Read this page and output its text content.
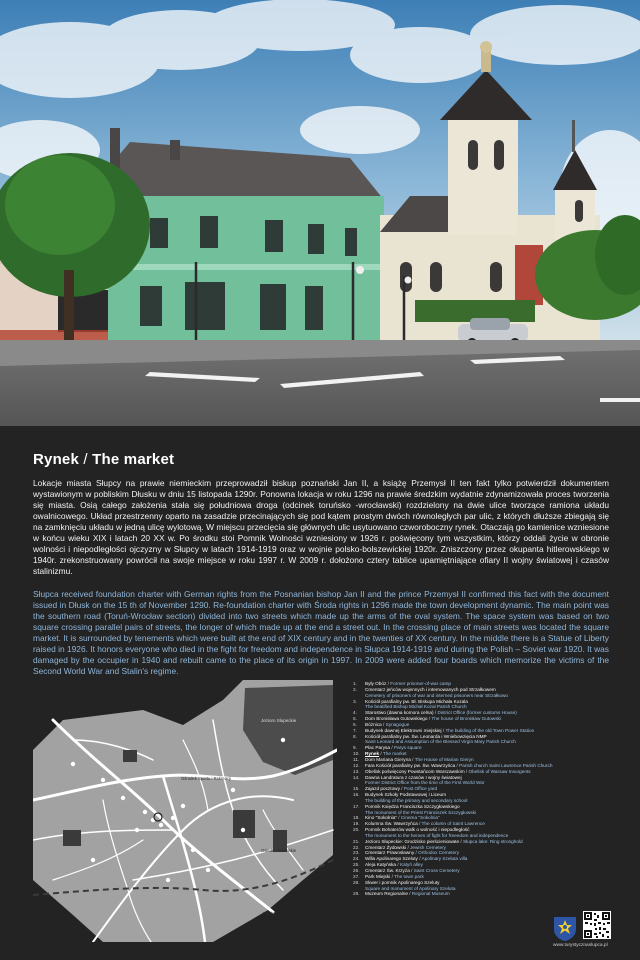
Rynek / The market

Lokacje miasta Słupcy na prawie niemieckim przeprowadził biskup poznański Jan II, a książę Przemysł II ten fakt tylko potwierdził dokumentem wystawionym w pobliskim Dłusku w dniu 15 listopada 1290r. Ponowna lokacja w roku 1296 na prawie średzkim wydatnie zdynamizowała proces tworzenia się miasta. Osią całego założenia stała się południowa droga (odcinek toruńsko -wrocławski) rozdzielony na dwie ulice tworzące ramiona układu owalnicowego. Układ przestrzenny oparto na zasadzie przecinających się pod kątem prostym dwóch równoległych par ulic, z których dłuższe zbiegają się na zamknięciu układu w jedną ulicę wylotową. W miejscu przecięcia się głównych ulic usytuowano czworoboczny rynek. Otaczają go kamienice wzniesione w końcu wieku XIX i latach 20 XX w. Po środku stoi Pomnik Wolności wzniesiony w 1926 r. poświęcony tym wszystkim, którzy oddali życie w obronie wolności i niepodległości ojczyzny w Słupcy w latach 1914-1919 oraz w wojnie polsko-bolszewickiej 1920r. Zniszczony przez okupanta hitlerowskiego w 1940r. zrekonstruowany powrócił na swoje miejsce w roku 1997 r. W 2009 r. dołożono cztery tablice upamiętniające ofiary II wojny światowej i czasów stalinizmu.

Słupca received foundation charter with German rights from the Posnanian bishop Jan II and the prince Przemysł II confirmed this fact with the document issued in Dłusk on the 15 th of November 1290. Re-foundation charter with Środa rights in 1296 made the town development dynamic. The main point was the southern road (Toruń-Wrocław section) divided into two streets which made up the arms of the oval system. The space system was based on two square crossing parallel pairs of streets, the longer of which made up at the end a street out. In the crossing place of main streets was located the square market. It is surrounded by tenements which were built at the end of XIX century and in the twenties of XX century. In the middle there is a Statue of Liberty raised in 1926. It honors everyone who died in the fight for freedom and independence in Słupca 1914-1919 and during the Polish – Soviet war 1920. It was damaged by the occupier in 1940 and rebuilt came to the place of its origin in 1997. In 2009 were added four boards which memorize the victims of the Second World War and Stalin's regime.

Jezioro Słupeckie
Ośrodek Sportu i Rekreacji
Osiedle Grodziskie
Pyzdry
1.	Były Obóz / Former prisoner-of-war camp
2.	Cmentarz jeńców wojennych i internowanych pod Strzałkowem
Cemetery of prisoners of war and interned prisoners near Strzałkowo
3.	Kościół parafialny pw. Bł. Biskupa Michała Kozala
The beatified Bishop Michał Kozal Parish Church
4.	Starostwo (dawna komora celna) / District Office (former customs House)
5.	Dom Bronisława Gutowskiego / The house of Bronisław Gutowski
6.	Bóżnica / Synagogue
7.	Budynek dawnej Elektrowni miejskiej / The building of the old Town Power Station
8.	Kościół parafialny pw. Św. Leonarda i Wniebowzięcia NMP
Saint Leonard and Assumption of the Blessed Virgin Mary Parish Church
9.	Plac Parysa / Parys square
10.	Rynek / The market
11.	Dom Mariana Gieryna / The House of Marian Gieryn
12.	Fara Kościół parafialny pw. Św. Wawrzyńca / Parish church Saint Lawrence Parish Church
13.	Obelisk poświęcony Powstańcom Warszawskim / Obelisk of Warsaw Insurgents
14.	Dawna Landratura z czasów I wojny światowej
Former District Office from the time of the First World War
15.	Zajazd pocztowy / Post Office yard
16.	Budynek Szkoły Podstawowej i Liceum
The building of the primary and secondary school
17.	Pomnik Księdza Franciszka Szczygłowskiego
The monument of the Priest Franciszek Szczygłowski
18.	Kino "Sokolnia" / Cinema "Sokolnia"
19.	Kolumna Św. Wawrzyńca / The column of Saint Lawrence
20.	Pomnik Bohaterów walk o wolność i niepodległość
The monument to the heroes of fight for freeedom and independence
21.	Jezioro Słupeckie: Grodzisko pierścieniowate / Słupca lake: Ring stronghold
22.	Cmentarz Żydowski / Jewish Cemetery
23.	Cmentarz Prawosławny / Orthodox Cemetery
24.	Willa Apolinarego Szeluty / Apolinary Szeluta villa
25.	Aleja Katyńska / Katyń alley
26.	Cmentarz Św. Krzyża / Saint Cross Cemetery
27.	Park Miejski / The town park
28.	Skwer i pomnik Apolinarego Szeluty
Square and monument of Apolinary Szeluta
29.	Muzeum Regionalne / Regional Museum
www.turystycznaslupca.pl
